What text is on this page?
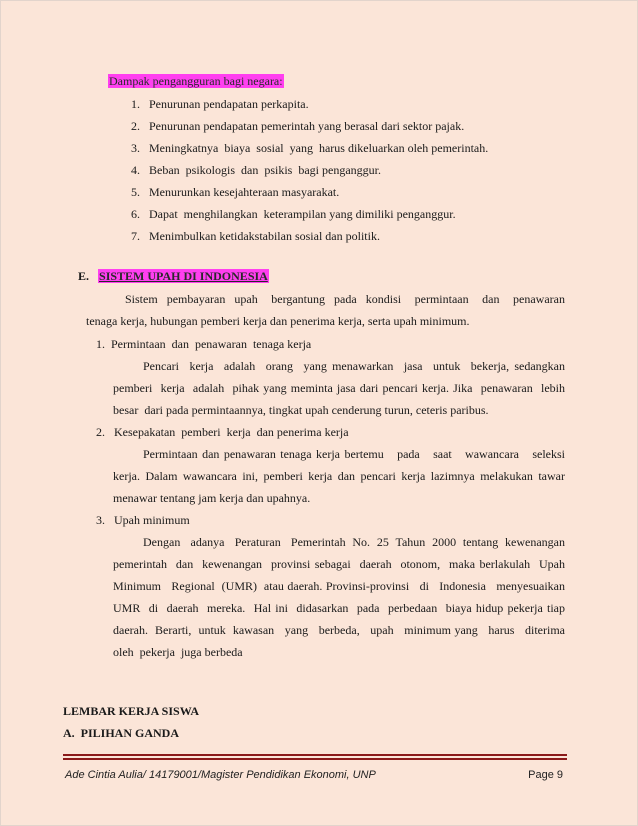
Dampak pengangguran bagi negara:
1. Penurunan pendapatan perkapita.
2. Penurunan pendapatan pemerintah yang berasal dari sektor pajak.
3. Meningkatnya  biaya  sosial  yang  harus dikeluarkan oleh pemerintah.
4. Beban  psikologis  dan  psikis  bagi penganggur.
5. Menurunkan kesejahteraan masyarakat.
6. Dapat  menghilangkan  keterampilan yang dimiliki penganggur.
7. Menimbulkan ketidakstabilan sosial dan politik.
E. SISTEM UPAH DI INDONESIA
Sistem  pembayaran  upah   bergantung  pada  kondisi   permintaan   dan   penawaran
tenaga kerja, hubungan pemberi kerja dan penerima kerja, serta upah minimum.
1.  Permintaan  dan  penawaran  tenaga kerja
Pencari  kerja  adalah  orang  yang menawarkan  jasa  untuk  bekerja, sedangkan
pemberi  kerja  adalah  pihak yang meminta jasa dari pencari kerja. Jika  penawaran  lebih
besar  dari pada permintaannya, tingkat upah cenderung turun, ceteris paribus.
2.   Kesepakatan  pemberi  kerja  dan penerima kerja
Permintaan dan penawaran tenaga kerja bertemu   pada   saat   wawancara   seleksi
kerja. Dalam wawancara ini, pemberi kerja dan pencari kerja lazimnya melakukan tawar
menawar tentang jam kerja dan upahnya.
3.   Upah minimum
Dengan   adanya   Peraturan   Pemerintah  No.  25  Tahun  2000  tentang  kewenangan
pemerintah  dan  kewenangan  provinsi sebagai  daerah  otonom,  maka berlakulah  Upah
Minimum   Regional  (UMR)  atau daerah. Provinsi-provinsi   di   Indonesia   menyesuaikan
UMR  di  daerah  mereka.  Hal ini  didasarkan  pada  perbedaan  biaya hidup pekerja tiap
daerah.  Berarti,  untuk  kawasan   yang   berbeda,   upah   minimum yang   harus   diterima
oleh  pekerja  juga berbeda
LEMBAR KERJA SISWA
A.  PILIHAN GANDA
Ade Cintia Aulia/ 14179001/Magister Pendidikan Ekonomi, UNP	Page 9
